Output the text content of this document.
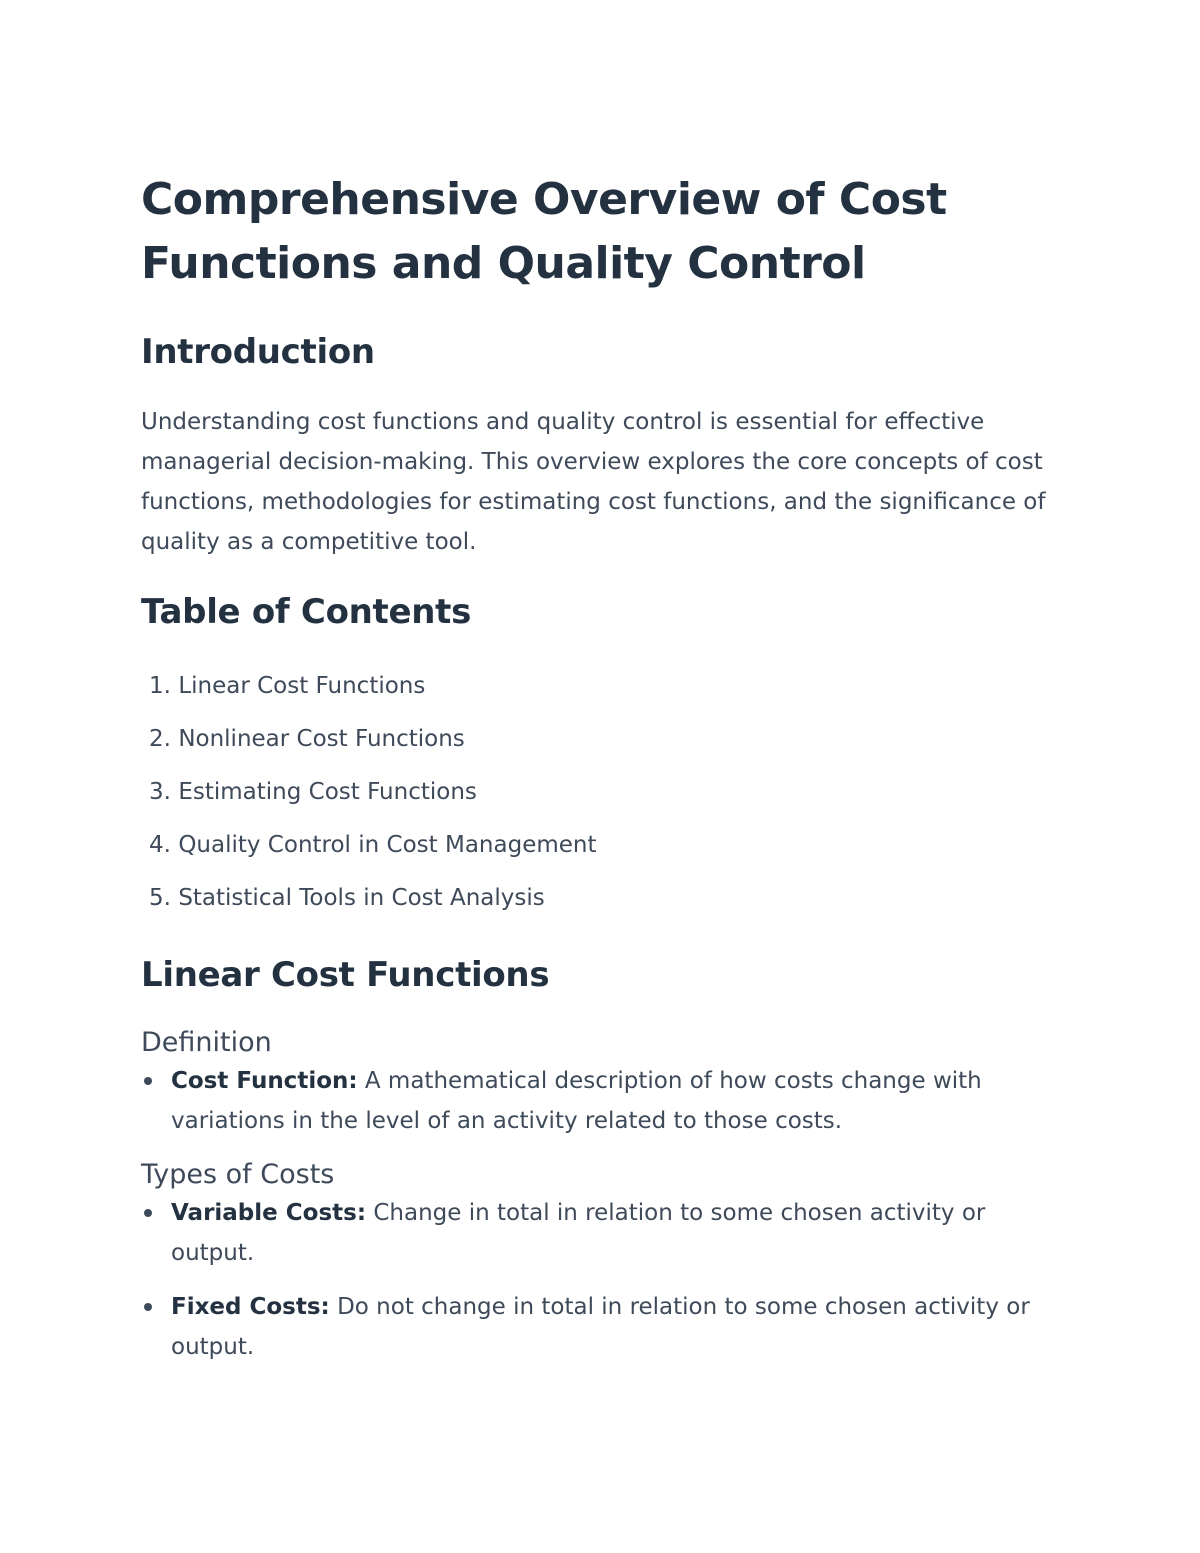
Comprehensive Overview of Cost Functions and Quality Control
Introduction

Understanding cost functions and quality control is essential for effective managerial decision-making. This overview explores the core concepts of cost functions, methodologies for estimating cost functions, and the significance of quality as a competitive tool.

Table of Contents
1. Linear Cost Functions
2. Nonlinear Cost Functions
3. Estimating Cost Functions
4. Quality Control in Cost Management
5. Statistical Tools in Cost Analysis
Linear Cost Functions
Definition
Cost Function: A mathematical description of how costs change with variations in the level of an activity related to those costs.
Types of Costs
Variable Costs: Change in total in relation to some chosen activity or output.
Fixed Costs: Do not change in total in relation to some chosen activity or output.
